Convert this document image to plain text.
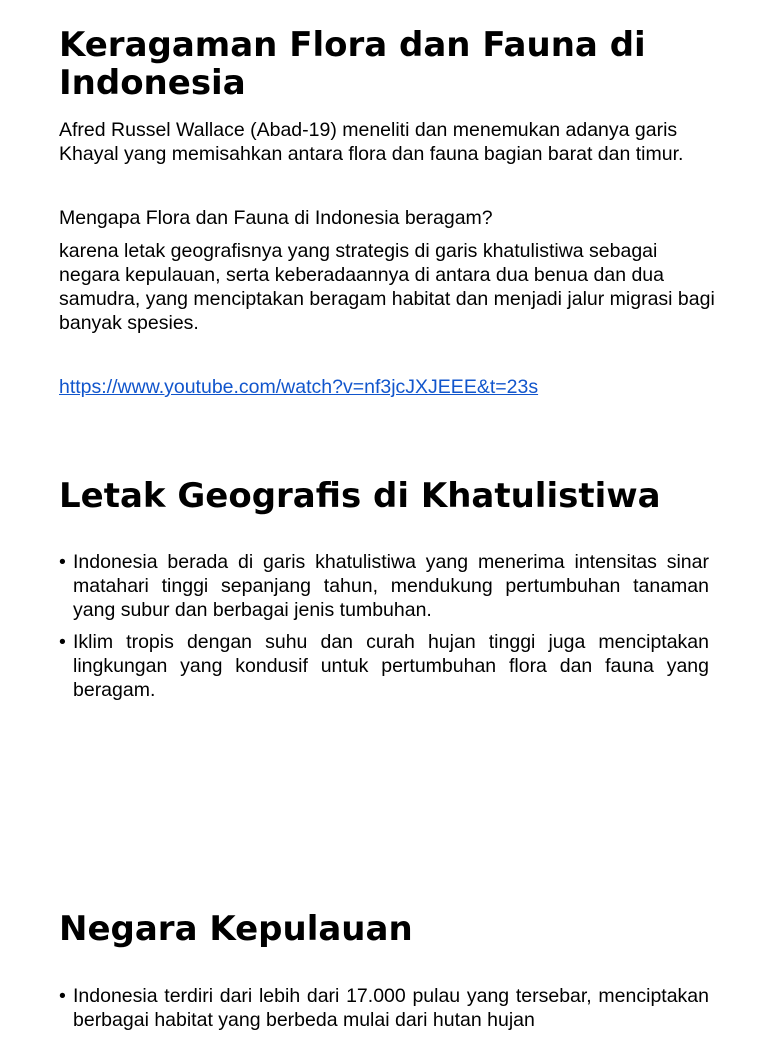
Keragaman Flora dan Fauna di Indonesia

Afred Russel Wallace (Abad-19) meneliti dan menemukan adanya garis Khayal yang memisahkan antara flora dan fauna bagian barat dan timur.

Mengapa Flora dan Fauna di Indonesia beragam?

karena letak geografisnya yang strategis di garis khatulistiwa sebagai negara kepulauan, serta keberadaannya di antara dua benua dan dua samudra, yang menciptakan beragam habitat dan menjadi jalur migrasi bagi banyak spesies.

https://www.youtube.com/watch?v=nf3jcJXJEEE&t=23s

Letak Geografis di Khatulistiwa
• Indonesia berada di garis khatulistiwa yang menerima intensitas sinar matahari tinggi sepanjang tahun, mendukung pertumbuhan tanaman yang subur dan berbagai jenis tumbuhan.
• Iklim tropis dengan suhu dan curah hujan tinggi juga menciptakan lingkungan yang kondusif untuk pertumbuhan flora dan fauna yang beragam.
Negara Kepulauan
• Indonesia terdiri dari lebih dari 17.000 pulau yang tersebar, menciptakan berbagai habitat yang berbeda mulai dari hutan hujan
